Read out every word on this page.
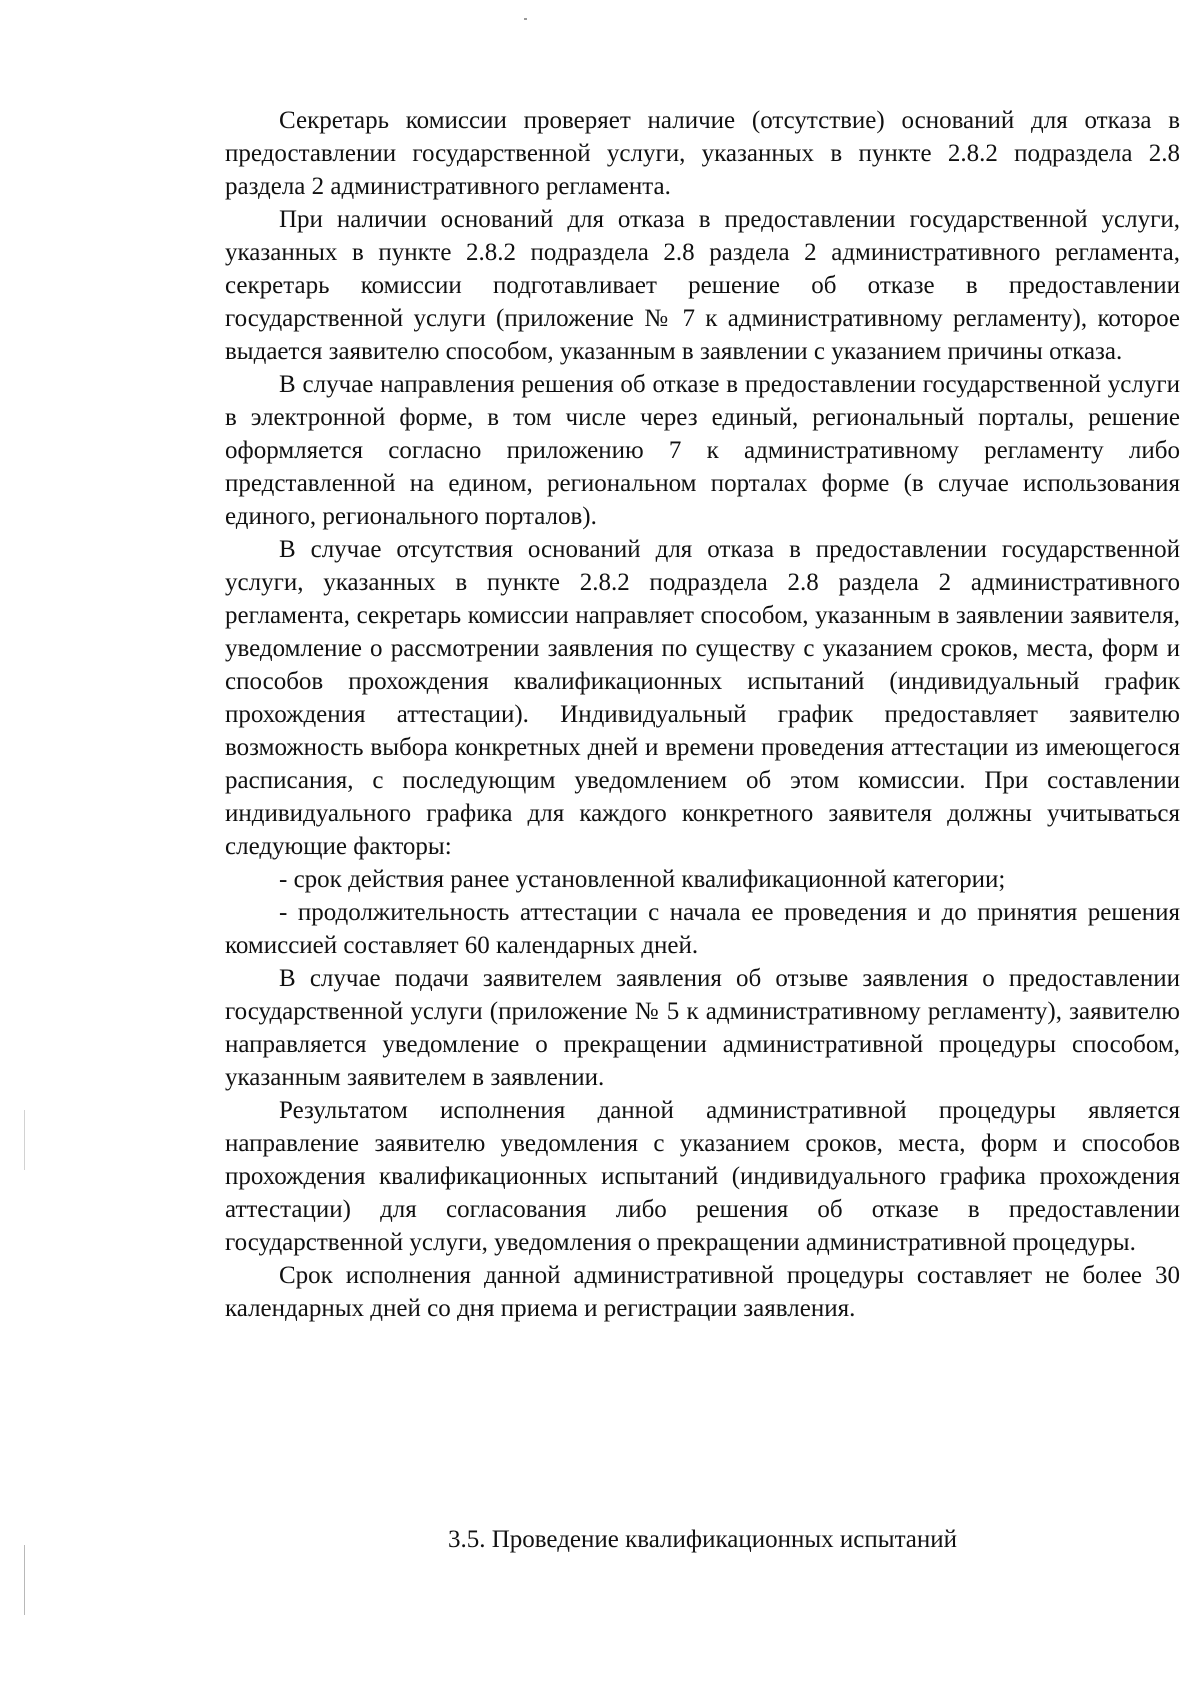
Секретарь комиссии проверяет наличие (отсутствие) оснований для отказа в предоставлении государственной услуги, указанных в пункте 2.8.2 подраздела 2.8 раздела 2 административного регламента.

При наличии оснований для отказа в предоставлении государственной услуги, указанных в пункте 2.8.2 подраздела 2.8 раздела 2 административного регламента, секретарь комиссии подготавливает решение об отказе в предоставлении государственной услуги (приложение № 7 к административному регламенту), которое выдается заявителю способом, указанным в заявлении с указанием причины отказа.

В случае направления решения об отказе в предоставлении государственной услуги в электронной форме, в том числе через единый, региональный порталы, решение оформляется согласно приложению 7 к административному регламенту либо представленной на едином, региональном порталах форме (в случае использования единого, регионального порталов).

В случае отсутствия оснований для отказа в предоставлении государственной услуги, указанных в пункте 2.8.2 подраздела 2.8 раздела 2 административного регламента, секретарь комиссии направляет способом, указанным в заявлении заявителя, уведомление о рассмотрении заявления по существу с указанием сроков, места, форм и способов прохождения квалификационных испытаний (индивидуальный график прохождения аттестации). Индивидуальный график предоставляет заявителю возможность выбора конкретных дней и времени проведения аттестации из имеющегося расписания, с последующим уведомлением об этом комиссии. При составлении индивидуального графика для каждого конкретного заявителя должны учитываться следующие факторы:

- срок действия ранее установленной квалификационной категории;

- продолжительность аттестации с начала ее проведения и до принятия решения комиссией составляет 60 календарных дней.

В случае подачи заявителем заявления об отзыве заявления о предоставлении государственной услуги (приложение № 5 к административному регламенту), заявителю направляется уведомление о прекращении административной процедуры способом, указанным заявителем в заявлении.

Результатом исполнения данной административной процедуры является направление заявителю уведомления с указанием сроков, места, форм и способов прохождения квалификационных испытаний (индивидуального графика прохождения аттестации) для согласования либо решения об отказе в предоставлении государственной услуги, уведомления о прекращении административной процедуры.

Срок исполнения данной административной процедуры составляет не более 30 календарных дней со дня приема и регистрации заявления.

3.5. Проведение квалификационных испытаний
